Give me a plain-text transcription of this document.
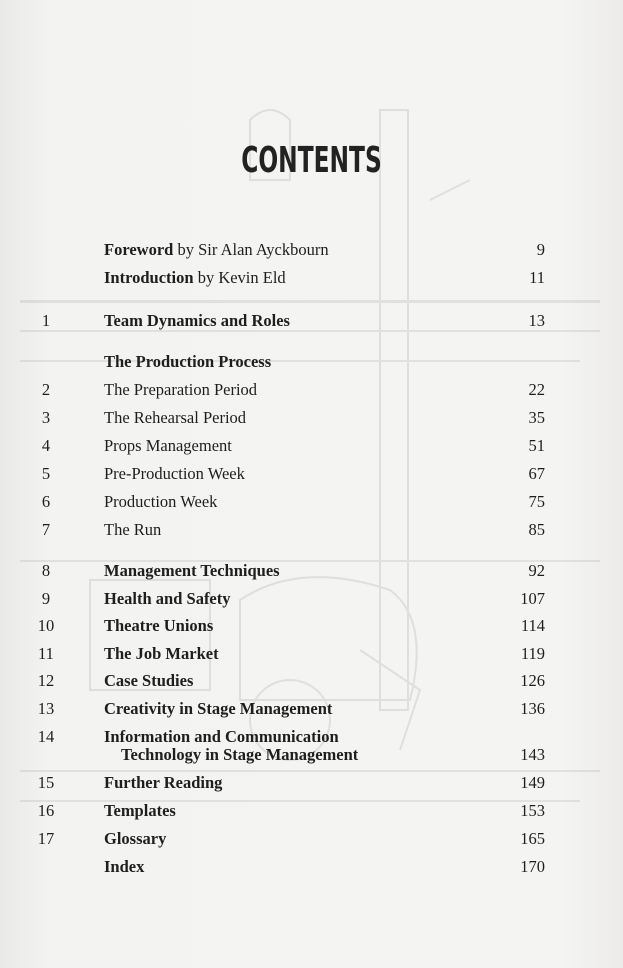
CONTENTS
Foreword by Sir Alan Ayckbourn	9
Introduction by Kevin Eld	11
1	Team Dynamics and Roles	13
The Production Process
2	The Preparation Period	22
3	The Rehearsal Period	35
4	Props Management	51
5	Pre-Production Week	67
6	Production Week	75
7	The Run	85
8	Management Techniques	92
9	Health and Safety	107
10	Theatre Unions	114
11	The Job Market	119
12	Case Studies	126
13	Creativity in Stage Management	136
14	Information and Communication
Technology in Stage Management	143
15	Further Reading	149
16	Templates	153
17	Glossary	165
Index	170
